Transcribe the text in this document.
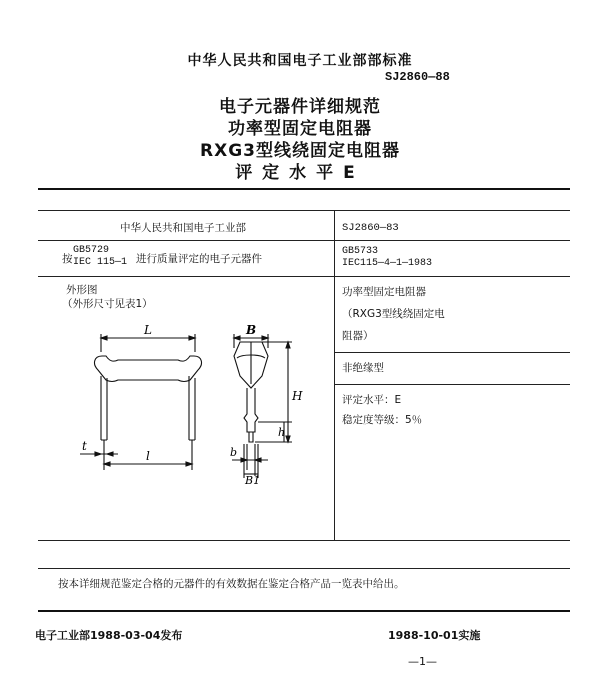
中华人民共和国电子工业部部标准
SJ2860—88
电子元器件详细规范
功率型固定电阻器
RXG3型线绕固定电阻器
评定水平E
中华人民共和国电子工业部	SJ2860—83
按
GB5729
IEC 115—1 进行质量评定的电子元器件
GB5733
IEC115—4—1—1983
外形图
（外形尺寸见表1）
L
l
t
B
H
h
b
B1
功率型固定电阻器
（RXG3型线绕固定电
阻器）
非绝缘型
评定水平：E
稳定度等级：5％
按本详细规范鉴定合格的元器件的有效数据在鉴定合格产品一览表中给出。
电子工业部1988-03-04发布	1988-10-01实施
—1—
